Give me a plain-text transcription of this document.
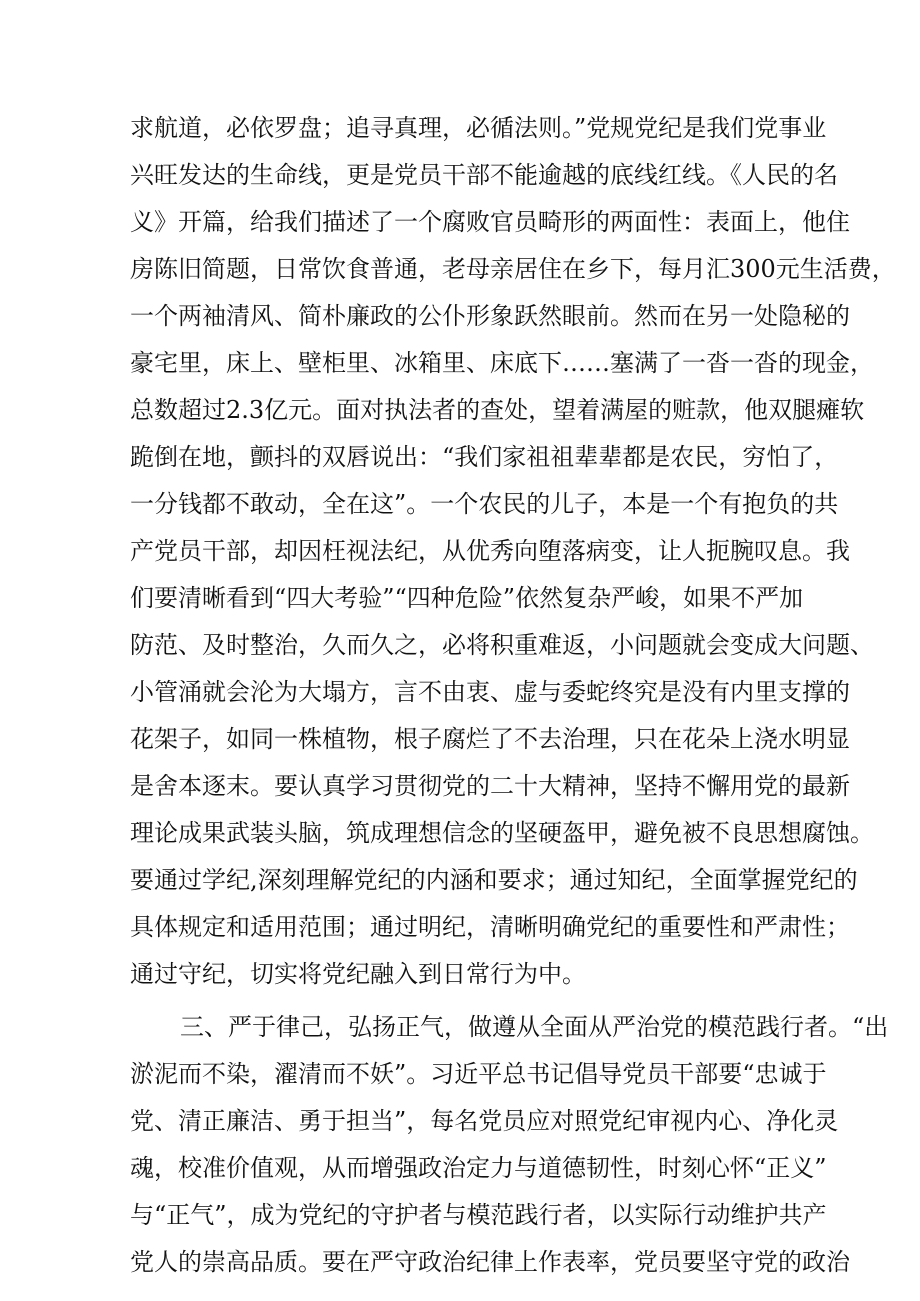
求航道，必依罗盘；追寻真理，必循法则。”党规党纪是我们党事业
兴旺发达的生命线，更是党员干部不能逾越的底线红线。《人民的名
义》开篇，给我们描述了一个腐败官员畸形的两面性：表面上，他住
房陈旧简题，日常饮食普通，老母亲居住在乡下，每月汇300元生活费，
一个两袖清风、简朴廉政的公仆形象跃然眼前。然而在另一处隐秘的
豪宅里，床上、壁柜里、冰箱里、床底下……塞满了一沓一沓的现金，
总数超过2.3亿元。面对执法者的查处，望着满屋的赃款，他双腿瘫软
跪倒在地，颤抖的双唇说出：“我们家祖祖辈辈都是农民，穷怕了，
一分钱都不敢动，全在这”。一个农民的儿子，本是一个有抱负的共
产党员干部，却因枉视法纪，从优秀向堕落病变，让人扼腕叹息。我
们要清晰看到“四大考验”“四种危险”依然复杂严峻，如果不严加
防范、及时整治，久而久之，必将积重难返，小问题就会变成大问题、
小管涌就会沦为大塌方，言不由衷、虚与委蛇终究是没有内里支撑的
花架子，如同一株植物，根子腐烂了不去治理，只在花朵上浇水明显
是舍本逐末。要认真学习贯彻党的二十大精神，坚持不懈用党的最新
理论成果武装头脑，筑成理想信念的坚硬盔甲，避免被不良思想腐蚀。
要通过学纪,深刻理解党纪的内涵和要求；通过知纪，全面掌握党纪的
具体规定和适用范围；通过明纪，清晰明确党纪的重要性和严肃性；
通过守纪，切实将党纪融入到日常行为中。
三、严于律己，弘扬正气，做遵从全面从严治党的模范践行者。“出
淤泥而不染，濯清而不妖”。习近平总书记倡导党员干部要“忠诚于
党、清正廉洁、勇于担当”，每名党员应对照党纪审视内心、净化灵
魂，校准价值观，从而增强政治定力与道德韧性，时刻心怀“正义”
与“正气”，成为党纪的守护者与模范践行者，以实际行动维护共产
党人的崇高品质。要在严守政治纪律上作表率，党员要坚守党的政治
